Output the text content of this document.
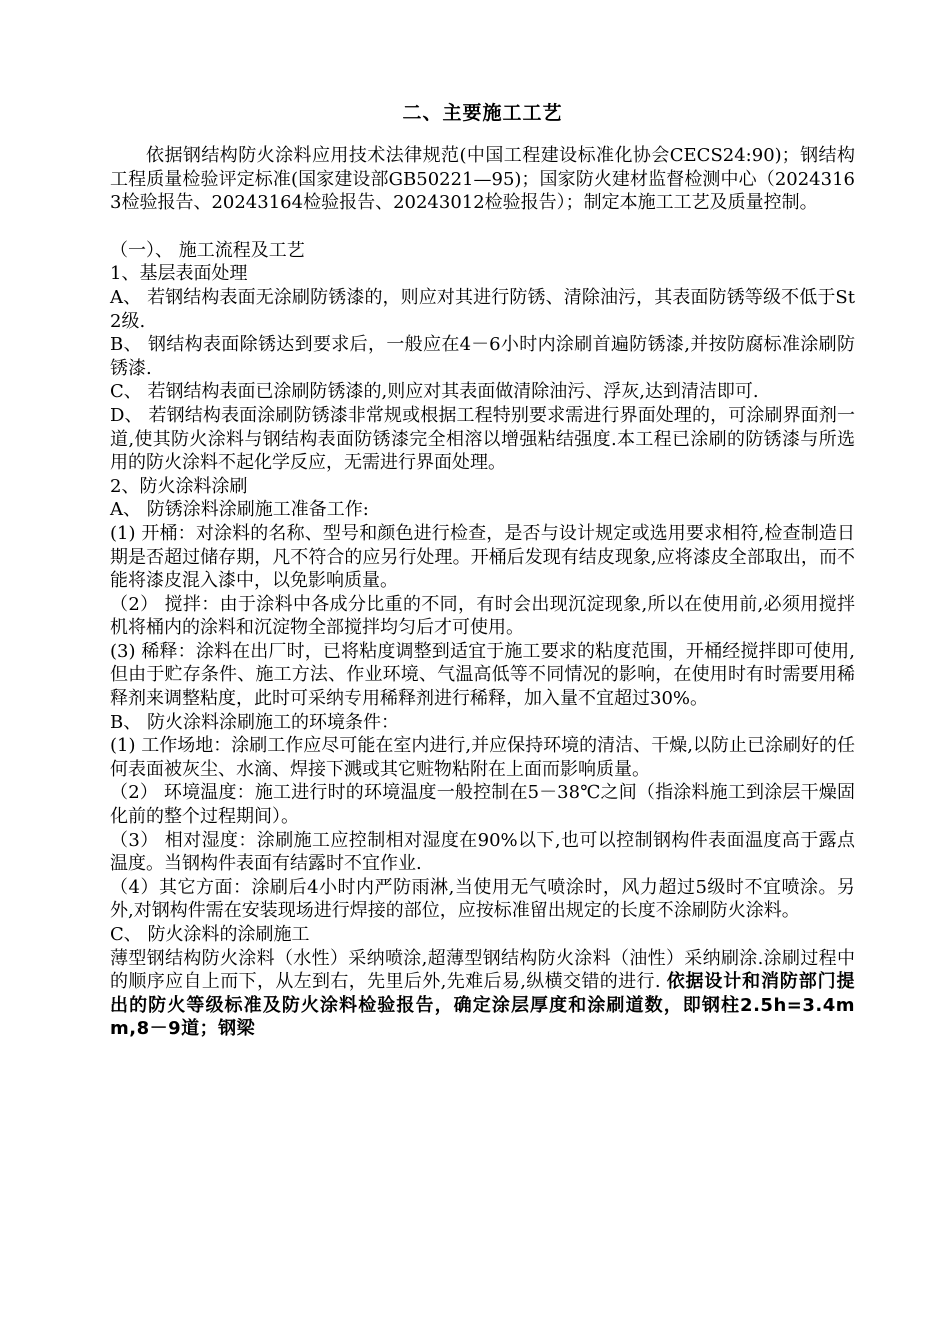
二、主要施工工艺

依据钢结构防火涂料应用技术法律规范(中国工程建设标准化协会CECS24:90)；钢结构工程质量检验评定标准(国家建设部GB50221—95)；国家防火建材监督检测中心（20243163检验报告、20243164检验报告、20243012检验报告）；制定本施工工艺及质量控制。

（一）、 施工流程及工艺

1、基层表面处理

A、 若钢结构表面无涂刷防锈漆的，则应对其进行防锈、清除油污，其表面防锈等级不低于St2级.

B、 钢结构表面除锈达到要求后，一般应在4－6小时内涂刷首遍防锈漆,并按防腐标准涂刷防锈漆.

C、 若钢结构表面已涂刷防锈漆的,则应对其表面做清除油污、浮灰,达到清洁即可.

D、 若钢结构表面涂刷防锈漆非常规或根据工程特别要求需进行界面处理的，可涂刷界面剂一道,使其防火涂料与钢结构表面防锈漆完全相溶以增强粘结强度.本工程已涂刷的防锈漆与所选用的防火涂料不起化学反应，无需进行界面处理。

2、防火涂料涂刷

A、 防锈涂料涂刷施工准备工作:

(1) 开桶：对涂料的名称、型号和颜色进行检查，是否与设计规定或选用要求相符,检查制造日期是否超过储存期，凡不符合的应另行处理。开桶后发现有结皮现象,应将漆皮全部取出，而不能将漆皮混入漆中，以免影响质量。

（2） 搅拌：由于涂料中各成分比重的不同，有时会出现沉淀现象,所以在使用前,必须用搅拌机将桶内的涂料和沉淀物全部搅拌均匀后才可使用。

(3) 稀释：涂料在出厂时，已将粘度调整到适宜于施工要求的粘度范围，开桶经搅拌即可使用,但由于贮存条件、施工方法、作业环境、气温高低等不同情况的影响，在使用时有时需要用稀释剂来调整粘度，此时可采纳专用稀释剂进行稀释，加入量不宜超过30%。

B、 防火涂料涂刷施工的环境条件：

(1) 工作场地：涂刷工作应尽可能在室内进行,并应保持环境的清洁、干燥,以防止已涂刷好的任何表面被灰尘、水滴、焊接下溅或其它赃物粘附在上面而影响质量。

（2） 环境温度：施工进行时的环境温度一般控制在5－38℃之间（指涂料施工到涂层干燥固化前的整个过程期间）。

（3） 相对湿度：涂刷施工应控制相对湿度在90%以下,也可以控制钢构件表面温度高于露点温度。当钢构件表面有结露时不宜作业.

（4）其它方面：涂刷后4小时内严防雨淋,当使用无气喷涂时，风力超过5级时不宜喷涂。另外,对钢构件需在安装现场进行焊接的部位，应按标准留出规定的长度不涂刷防火涂料。

C、 防火涂料的涂刷施工

薄型钢结构防火涂料（水性）采纳喷涂,超薄型钢结构防火涂料（油性）采纳刷涂.涂刷过程中的顺序应自上而下，从左到右，先里后外,先难后易,纵横交错的进行. 依据设计和消防部门提出的防火等级标准及防火涂料检验报告，确定涂层厚度和涂刷道数，即钢柱2.5h=3.4mm,8－9道；钢梁
